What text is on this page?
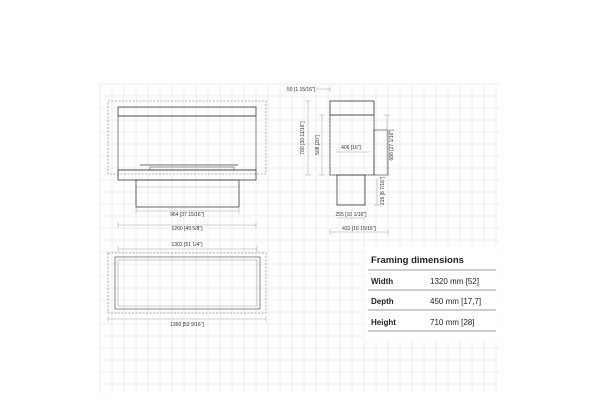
964 [37 15/16"]
1260 [49 5/8"]
50 [1 15/16"]
780 [30 11/16"] 508 [20"]	406 [16"]	688 [27 1/16"]
215 [8 7/16"]
255 [10 1/16"]
431 [16 15/16"]
1302 [51 1/4"]
1360 [53 9/16"]
Framing dimensions
Width	1320 mm [52]
Depth	450 mm [17,7]
Height	710 mm [28]
